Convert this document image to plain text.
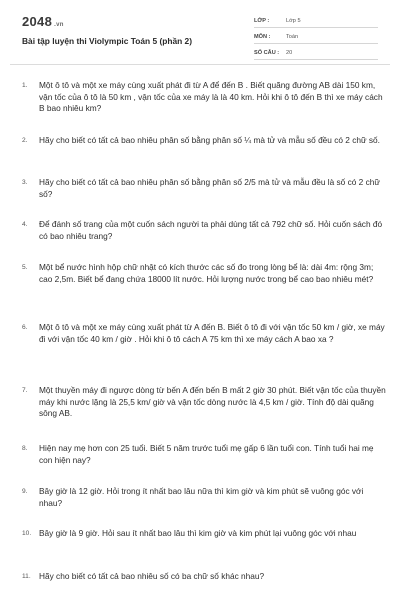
2048 .vn
Bài tập luyện thi Violympic Toán 5 (phần 2)
LỚP :	Lớp 5
MÔN :	Toán
SỐ CÂU :	20
1.	Một ô tô và một xe máy cùng xuất phát đi từ A để đến B . Biết quãng đường AB dài 150 km, vận tốc của ô tô là 50 km , vận tốc của xe máy là là 40 km. Hỏi khi ô tô đến B thì xe máy cách B bao nhiêu km?
2.	Hãy cho biết có tất cả bao nhiêu phân số bằng phân số ¼ mà tử và mẫu số đều có 2 chữ số.
3.	Hãy cho biết có tất cả bao nhiêu phân số bằng phân số 2/5 mà tử và mẫu đều là số có 2 chữ số?
4.	Để đánh số trang của một cuốn sách người ta phải dùng tất cả 792 chữ số. Hỏi cuốn sách đó có bao nhiêu trang?
5.	Một bể nước hình hộp chữ nhật có kích thước các số đo trong lòng bể là: dài 4m: rộng 3m; cao 2,5m. Biết bể đang chứa 18000 lít nước. Hỏi lượng nước trong bể cao bao nhiêu mét?
6.	Một ô tô và một xe máy cùng xuất phát từ A đến B. Biết ô tô đi với vận tốc 50 km / giờ, xe máy đi với vận tốc 40 km / giờ . Hỏi khi ô tô cách A 75 km thì xe máy cách A bao xa ?
7.	Một thuyền máy đi ngược dòng từ bến A đến bến B mất 2 giờ 30 phút. Biết vận tốc của thuyền máy khi nước lặng là 25,5 km/ giờ và vận tốc dòng nước là 4,5 km / giờ. Tính độ dài quãng sông AB.
8.	Hiện nay mẹ hơn con 25 tuổi. Biết 5 năm trước tuổi mẹ gấp 6 lần tuổi con. Tính tuổi hai mẹ con hiện nay?
9.	Bây giờ là 12 giờ. Hỏi trong ít nhất bao lâu nữa thì kim giờ và kim phút sẽ vuông góc với nhau?
10. Bây giờ là 9 giờ. Hỏi sau ít nhất bao lâu thì kim giờ và kim phút lại vuông góc với nhau
11.	Hãy cho biết có tất cả bao nhiêu số có ba chữ số khác nhau?
